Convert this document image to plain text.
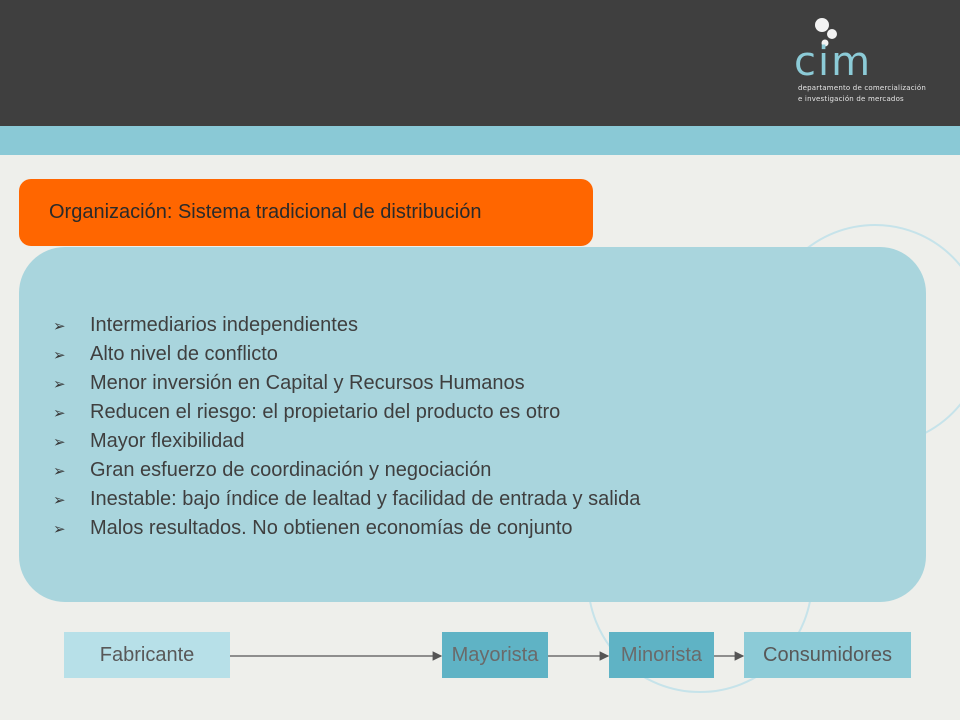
cim

departamento de comercialización
e investigación de mercados
Organización: Sistema tradicional de distribución
➢	Intermediarios independientes
➢	Alto nivel de conflicto
➢	Menor inversión en Capital y Recursos Humanos
➢	Reducen el riesgo: el propietario del producto es otro
➢	Mayor flexibilidad
➢	Gran esfuerzo de coordinación y negociación
➢	Inestable: bajo índice de lealtad y facilidad de entrada y salida
➢	Malos resultados. No obtienen economías de conjunto
Fabricante	Mayorista	Minorista	Consumidores
